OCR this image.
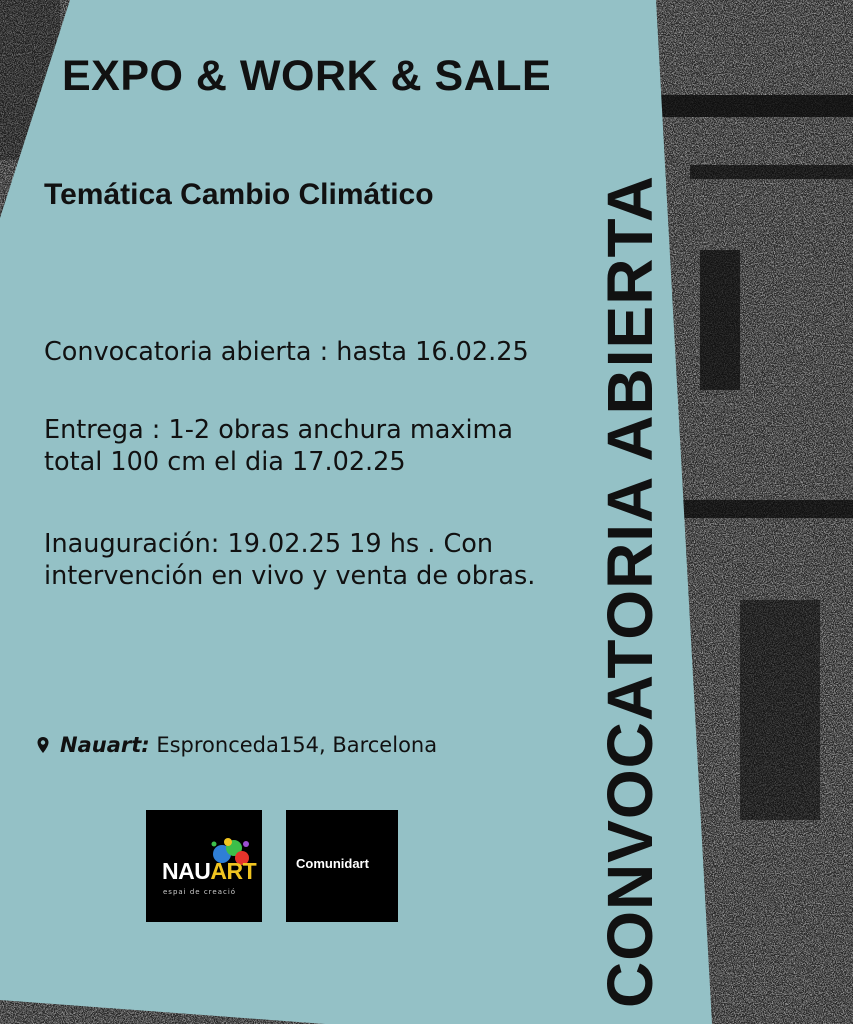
EXPO & WORK & SALE
Temática Cambio Climático
Convocatoria abierta : hasta 16.02.25
Entrega : 1-2 obras anchura maxima total 100 cm el dia 17.02.25
Inauguración: 19.02.25 19 hs . Con intervención en vivo y venta de obras.
Nauart: Espronceda154, Barcelona CONVOCATORIA ABIERTA
NAUART
espai de creació
Comunidart
